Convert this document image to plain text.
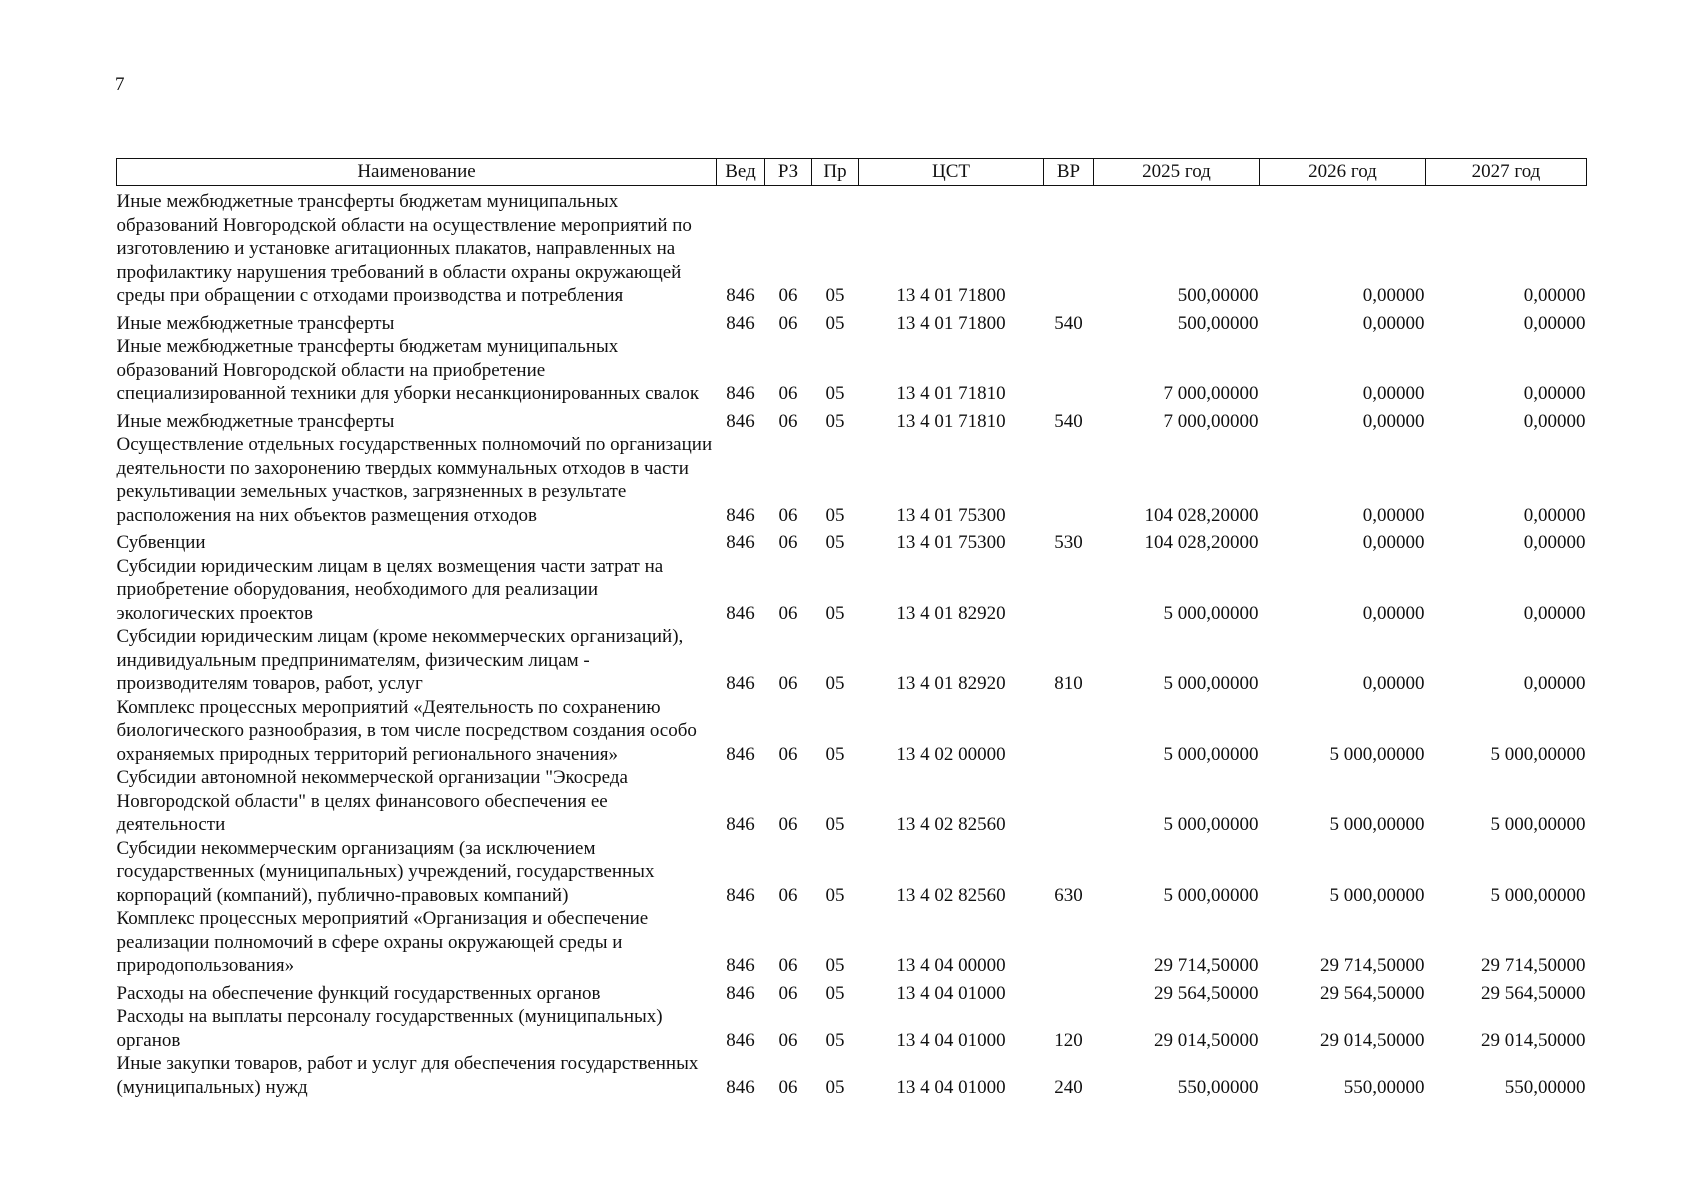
7
Наименование	Вед	РЗ	Пр	ЦСТ	ВР	2025 год	2026 год	2027 год
Иные межбюджетные трансферты бюджетам муниципальных образований Новгородской области на осуществление мероприятий по изготовлению и установке агитационных плакатов, направленных на профилактику нарушения требований в области охраны окружающей среды при обращении с отходами производства и потребления	846	06	05	13 4 01 71800		500,00000	0,00000	0,00000
Иные межбюджетные трансферты	846	06	05	13 4 01 71800	540	500,00000	0,00000	0,00000
Иные межбюджетные трансферты бюджетам муниципальных образований Новгородской области на приобретение специализированной техники для уборки несанкционированных свалок	846	06	05	13 4 01 71810		7 000,00000	0,00000	0,00000
Иные межбюджетные трансферты	846	06	05	13 4 01 71810	540	7 000,00000	0,00000	0,00000
Осуществление отдельных государственных полномочий по организации деятельности по захоронению твердых коммунальных отходов в части рекультивации земельных участков, загрязненных в результате расположения на них объектов размещения отходов	846	06	05	13 4 01 75300		104 028,20000	0,00000	0,00000
Субвенции	846	06	05	13 4 01 75300	530	104 028,20000	0,00000	0,00000
Субсидии юридическим лицам в целях возмещения части затрат на приобретение оборудования, необходимого для реализации экологических проектов	846	06	05	13 4 01 82920		5 000,00000	0,00000	0,00000
Субсидии юридическим лицам (кроме некоммерческих организаций), индивидуальным предпринимателям, физическим лицам - производителям товаров, работ, услуг	846	06	05	13 4 01 82920	810	5 000,00000	0,00000	0,00000
Комплекс процессных мероприятий «Деятельность по сохранению биологического разнообразия, в том числе посредством создания особо охраняемых природных территорий регионального значения»	846	06	05	13 4 02 00000		5 000,00000	5 000,00000	5 000,00000
Субсидии автономной некоммерческой организации "Экосреда Новгородской области" в целях финансового обеспечения ее деятельности	846	06	05	13 4 02 82560		5 000,00000	5 000,00000	5 000,00000
Субсидии некоммерческим организациям (за исключением государственных (муниципальных) учреждений, государственных корпораций (компаний), публично-правовых компаний)	846	06	05	13 4 02 82560	630	5 000,00000	5 000,00000	5 000,00000
Комплекс процессных мероприятий «Организация и обеспечение реализации полномочий в сфере охраны окружающей среды и природопользования»	846	06	05	13 4 04 00000		29 714,50000	29 714,50000	29 714,50000
Расходы на обеспечение функций государственных органов	846	06	05	13 4 04 01000		29 564,50000	29 564,50000	29 564,50000
Расходы на выплаты персоналу государственных (муниципальных) органов	846	06	05	13 4 04 01000	120	29 014,50000	29 014,50000	29 014,50000
Иные закупки товаров, работ и услуг для обеспечения государственных (муниципальных) нужд	846	06	05	13 4 04 01000	240	550,00000	550,00000	550,00000
